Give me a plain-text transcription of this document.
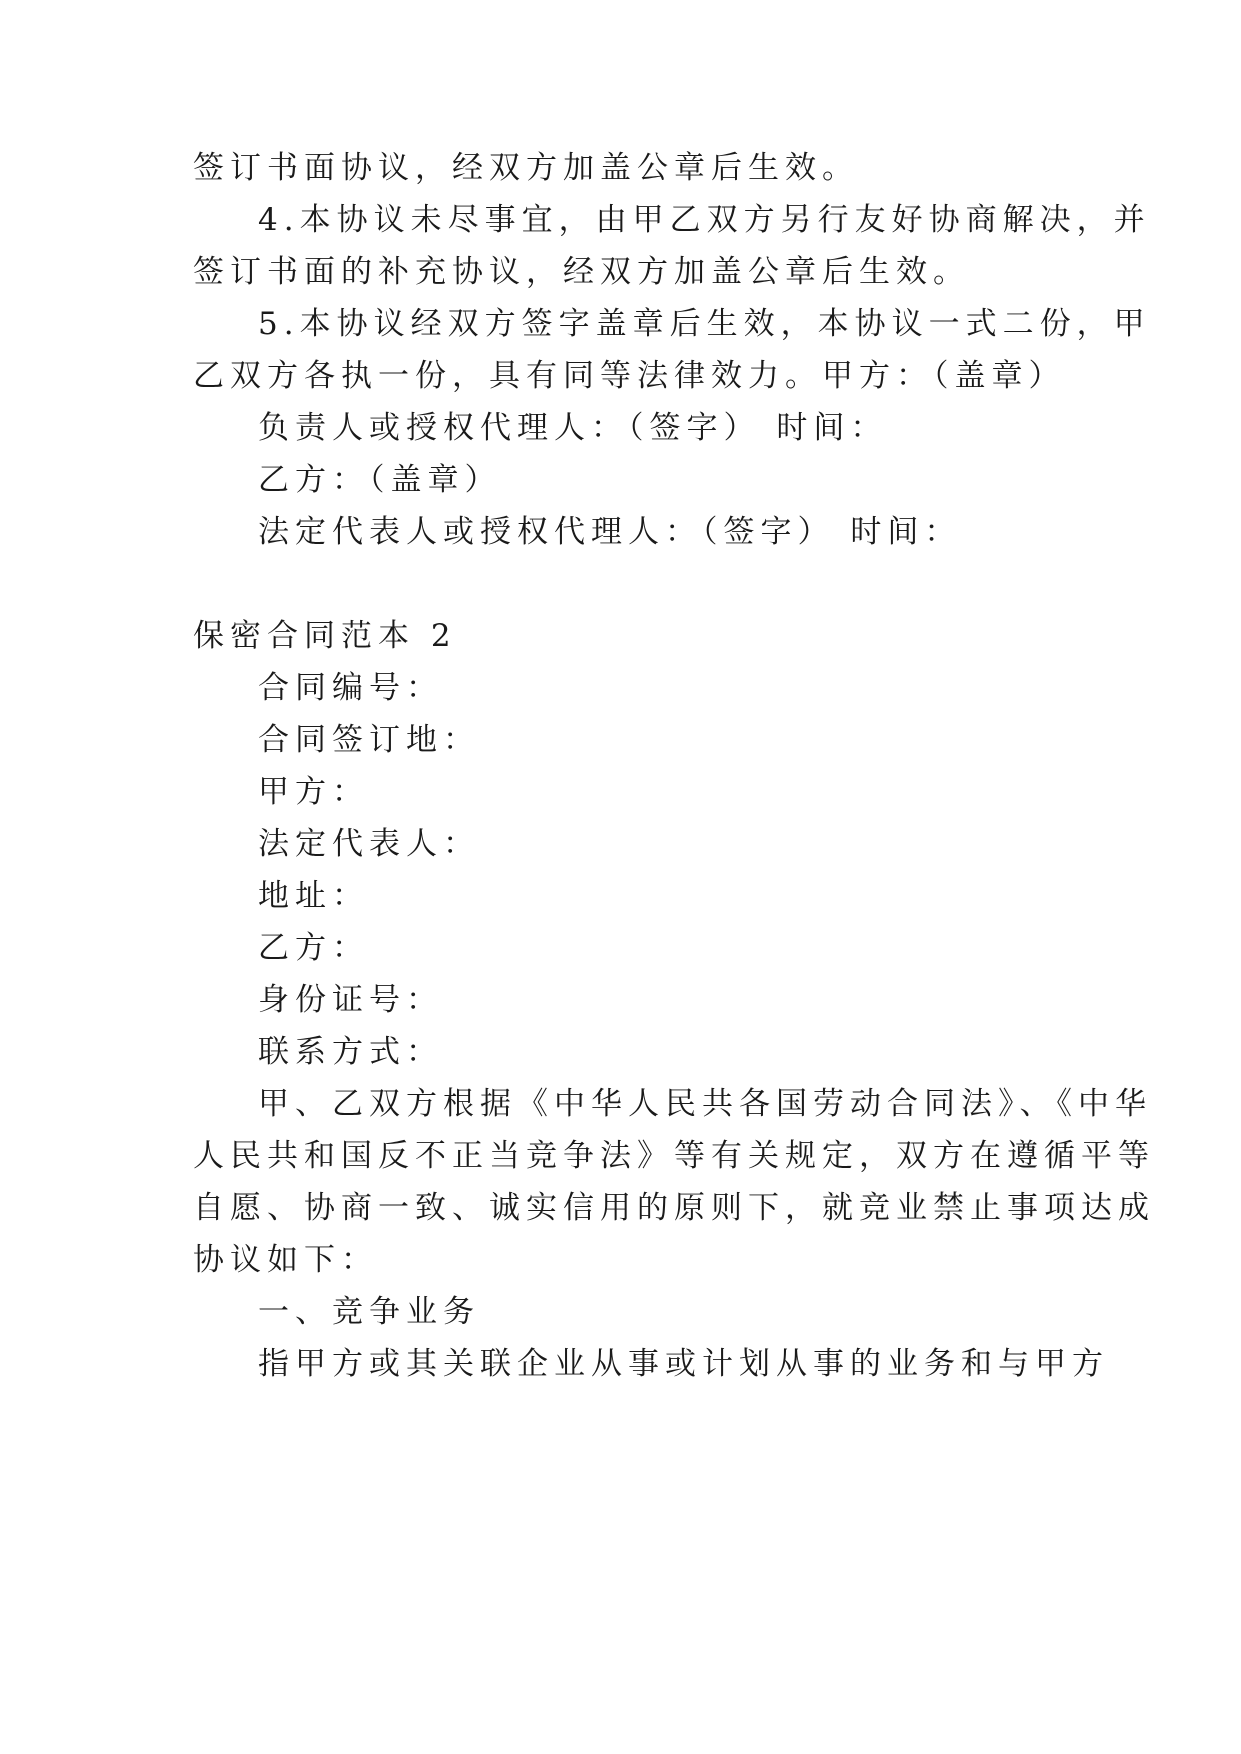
签订书面协议，经双方加盖公章后生效。
4.本协议未尽事宜，由甲乙双方另行友好协商解决，并
签订书面的补充协议，经双方加盖公章后生效。
5.本协议经双方签字盖章后生效，本协议一式二份，甲
乙双方各执一份，具有同等法律效力。甲方：（盖章）
负责人或授权代理人：（签字） 时间：
乙方：（盖章）
法定代表人或授权代理人：（签字） 时间：
保密合同范本 2
合同编号：
合同签订地：
甲方：
法定代表人：
地址：
乙方：
身份证号：
联系方式：
甲、乙双方根据《中华人民共各国劳动合同法》、《中华
人民共和国反不正当竞争法》等有关规定，双方在遵循平等
自愿、协商一致、诚实信用的原则下，就竞业禁止事项达成
协议如下：
一、竞争业务
指甲方或其关联企业从事或计划从事的业务和与甲方
